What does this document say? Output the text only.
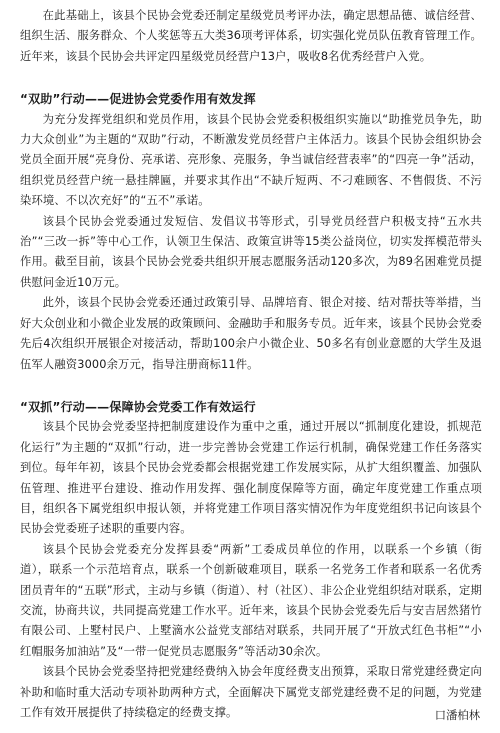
在此基础上，该县个民协会党委还制定星级党员考评办法，确定思想品德、诚信经营、组织生活、服务群众、个人奖惩等五大类36项考评体系，切实强化党员队伍教育管理工作。近年来，该县个民协会共评定四星级党员经营户13户，吸收8名优秀经营户入党。

“双助”行动——促进协会党委作用有效发挥

为充分发挥党组织和党员作用，该县个民协会党委积极组织实施以“助推党员争先，助力大众创业”为主题的“双助”行动，不断激发党员经营户主体活力。该县个民协会组织协会党员全面开展“亮身份、亮承诺、亮形象、亮服务，争当诚信经营表率”的“四亮一争”活动，组织党员经营户统一悬挂牌匾，并要求其作出“不缺斤短两、不刁难顾客、不售假货、不污染环境、不以次充好”的“五不”承诺。

该县个民协会党委通过发短信、发倡议书等形式，引导党员经营户积极支持“五水共治”“三改一拆”等中心工作，认领卫生保洁、政策宣讲等15类公益岗位，切实发挥模范带头作用。截至目前，该县个民协会党委共组织开展志愿服务活动120多次，为89名困难党员提供慰问金近10万元。

此外，该县个民协会党委还通过政策引导、品牌培育、银企对接、结对帮扶等举措，当好大众创业和小微企业发展的政策顾问、金融助手和服务专员。近年来，该县个民协会党委先后4次组织开展银企对接活动，帮助100余户小微企业、50多名有创业意愿的大学生及退伍军人融资3000余万元，指导注册商标11件。

“双抓”行动——保障协会党委工作有效运行

该县个民协会党委坚持把制度建设作为重中之重，通过开展以“抓制度化建设，抓规范化运行”为主题的“双抓”行动，进一步完善协会党建工作运行机制，确保党建工作任务落实到位。每年年初，该县个民协会党委都会根据党建工作发展实际，从扩大组织覆盖、加强队伍管理、推进平台建设、推动作用发挥、强化制度保障等方面，确定年度党建工作重点项目，组织各下属党组织申报认领，并将党建工作项目落实情况作为年度党组织书记向该县个民协会党委班子述职的重要内容。

该县个民协会党委充分发挥县委“两新”工委成员单位的作用，以联系一个乡镇（街道），联系一个示范培育点，联系一个创新破难项目，联系一名党务工作者和联系一名优秀团员青年的“五联”形式，主动与乡镇（街道）、村（社区）、非公企业党组织结对联系，定期交流，协商共议，共同提高党建工作水平。近年来，该县个民协会党委先后与安吉居然猪竹有限公司、上墅村民户、上墅滴水公益党支部结对联系，共同开展了“开放式红色书柜”“小红帽服务加油站”及“一带一促党员志愿服务”等活动30余次。

该县个民协会党委坚持把党建经费纳入协会年度经费支出预算，采取日常党建经费定向补助和临时重大活动专项补助两种方式，全面解决下属党支部党建经费不足的问题，为党建工作有效开展提供了持续稳定的经费支撑。	口潘柏林
